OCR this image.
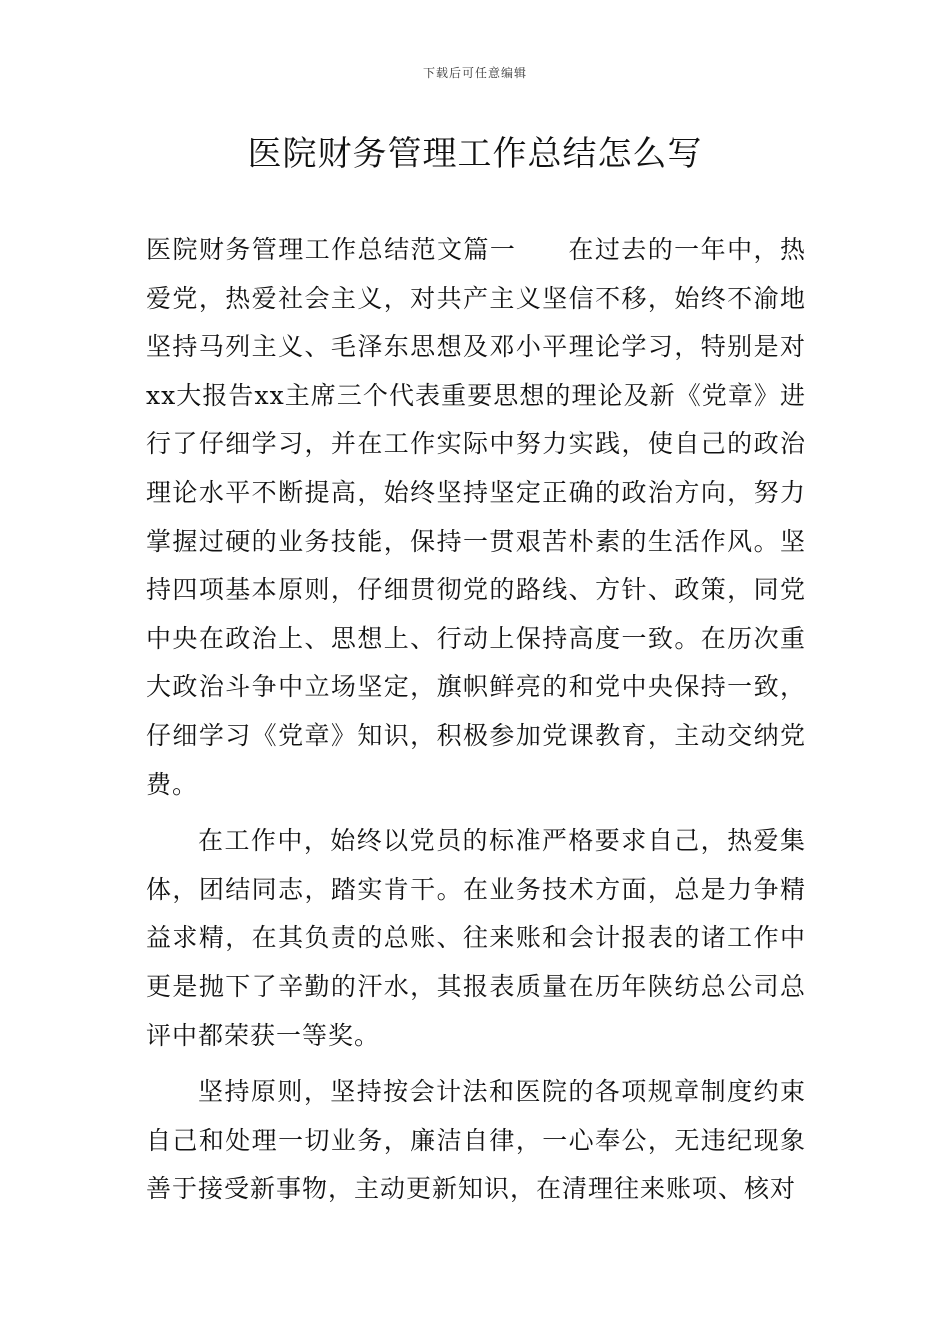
下载后可任意编辑
医院财务管理工作总结怎么写

医院财务管理工作总结范文篇一 在过去的一年中，热爱党，热爱社会主义，对共产主义坚信不移，始终不渝地坚持马列主义、毛泽东思想及邓小平理论学习，特别是对xx大报告xx主席三个代表重要思想的理论及新《党章》进行了仔细学习，并在工作实际中努力实践，使自己的政治理论水平不断提高，始终坚持坚定正确的政治方向，努力掌握过硬的业务技能，保持一贯艰苦朴素的生活作风。坚持四项基本原则，仔细贯彻党的路线、方针、政策，同党中央在政治上、思想上、行动上保持高度一致。在历次重大政治斗争中立场坚定，旗帜鲜亮的和党中央保持一致，仔细学习《党章》知识，积极参加党课教育，主动交纳党费。

在工作中，始终以党员的标准严格要求自己，热爱集体，团结同志，踏实肯干。在业务技术方面，总是力争精益求精，在其负责的总账、往来账和会计报表的诸工作中更是抛下了辛勤的汗水，其报表质量在历年陕纺总公司总评中都荣获一等奖。

坚持原则，坚持按会计法和医院的各项规章制度约束自己和处理一切业务，廉洁自律，一心奉公，无违纪现象善于接受新事物，主动更新知识，在清理往来账项、核对
